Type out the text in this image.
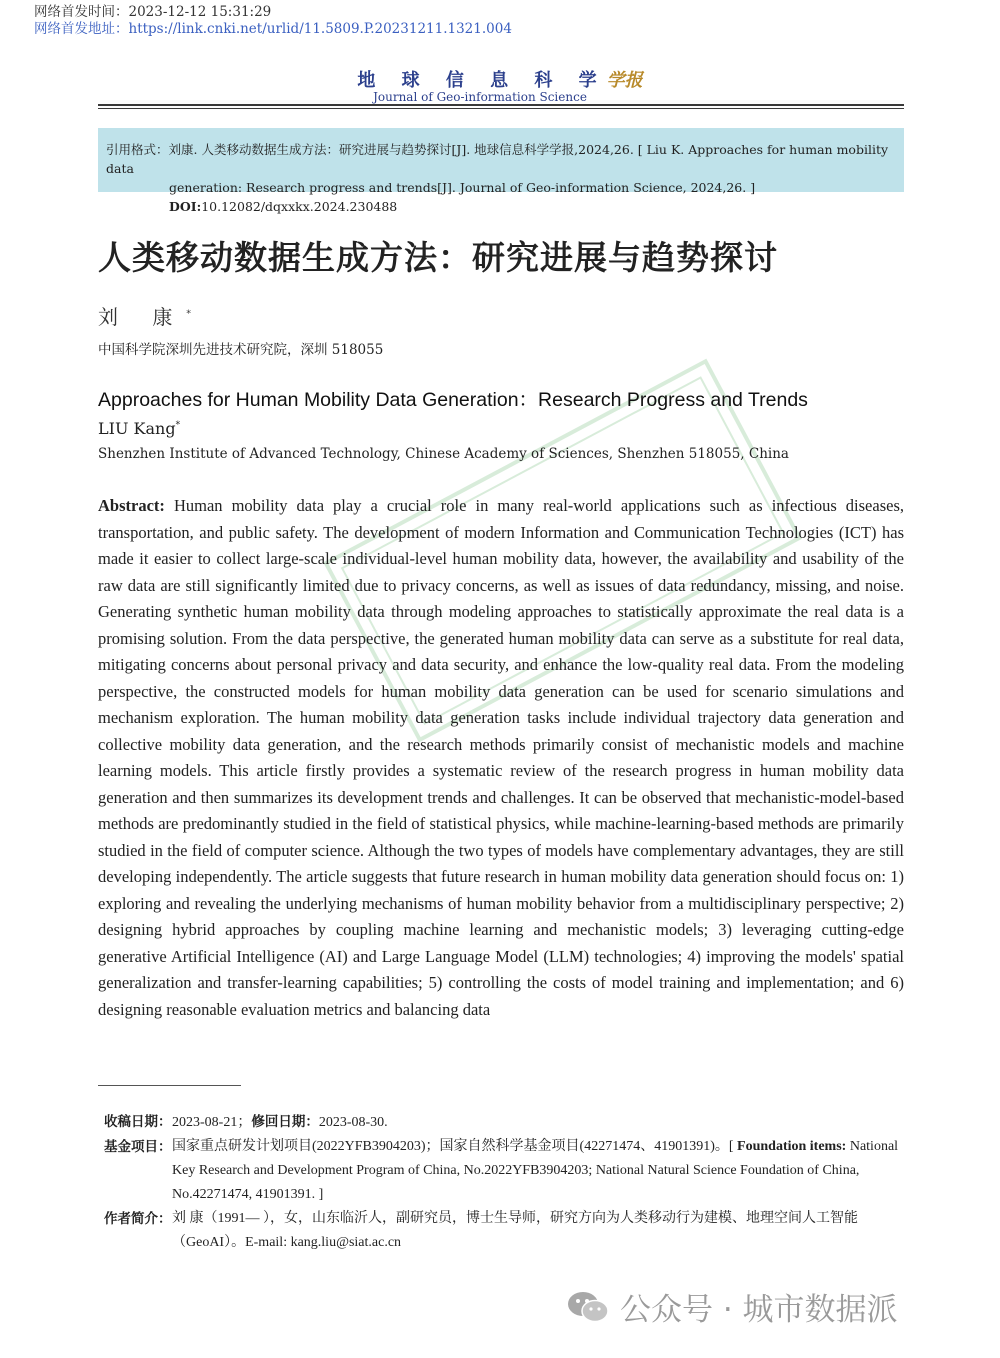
网络首发时间：2023-12-12 15:31:29
网络首发地址：https://link.cnki.net/urlid/11.5809.P.20231211.1321.004
地 球 信 息 科 学学报
Journal of Geo-information Science
引用格式：刘康. 人类移动数据生成方法：研究进展与趋势探讨[J]. 地球信息科学学报,2024,26. [ Liu K. Approaches for human mobility data
generation: Research progress and trends[J]. Journal of Geo-information Science, 2024,26. ] DOI:10.12082/dqxxkx.2024.230488
人类移动数据生成方法：研究进展与趋势探讨
刘 康*
中国科学院深圳先进技术研究院，深圳 518055
Approaches for Human Mobility Data Generation：Research Progress and Trends
LIU Kang*
Shenzhen Institute of Advanced Technology, Chinese Academy of Sciences, Shenzhen 518055, China
Abstract: Human mobility data play a crucial role in many real-world applications such as infectious diseases, transportation, and public safety. The development of modern Information and Communication Technologies (ICT) has made it easier to collect large-scale individual-level human mobility data, however, the availability and usability of the raw data are still significantly limited due to privacy concerns, as well as issues of data redundancy, missing, and noise. Generating synthetic human mobility data through modeling approaches to statistically approximate the real data is a promising solution. From the data perspective, the generated human mobility data can serve as a substitute for real data, mitigating concerns about personal privacy and data security, and enhance the low-quality real data. From the modeling perspective, the constructed models for human mobility data generation can be used for scenario simulations and mechanism exploration. The human mobility data generation tasks include individual trajectory data generation and collective mobility data generation, and the research methods primarily consist of mechanistic models and machine learning models. This article firstly provides a systematic review of the research progress in human mobility data generation and then summarizes its development trends and challenges. It can be observed that mechanistic-model-based methods are predominantly studied in the field of statistical physics, while machine-learning-based methods are primarily studied in the field of computer science. Although the two types of models have complementary advantages, they are still developing independently. The article suggests that future research in human mobility data generation should focus on: 1) exploring and revealing the underlying mechanisms of human mobility behavior from a multidisciplinary perspective; 2) designing hybrid approaches by coupling machine learning and mechanistic models; 3) leveraging cutting-edge generative Artificial Intelligence (AI) and Large Language Model (LLM) technologies; 4) improving the models' spatial generalization and transfer-learning capabilities; 5) controlling the costs of model training and implementation; and 6) designing reasonable evaluation metrics and balancing data
收稿日期： 2023-08-21；修回日期：2023-08-30.
基金项目： 国家重点研发计划项目(2022YFB3904203)；国家自然科学基金项目(42271474、41901391)。[ Foundation items: National Key Research and Development Program of China, No.2022YFB3904203; National Natural Science Foundation of China, No.42271474, 41901391. ]
作者简介： 刘 康（1991— ），女，山东临沂人，副研究员，博士生导师，研究方向为人类移动行为建模、地理空间人工智能（GeoAI）。E-mail: kang.liu@siat.ac.cn
公众号 · 城市数据派
